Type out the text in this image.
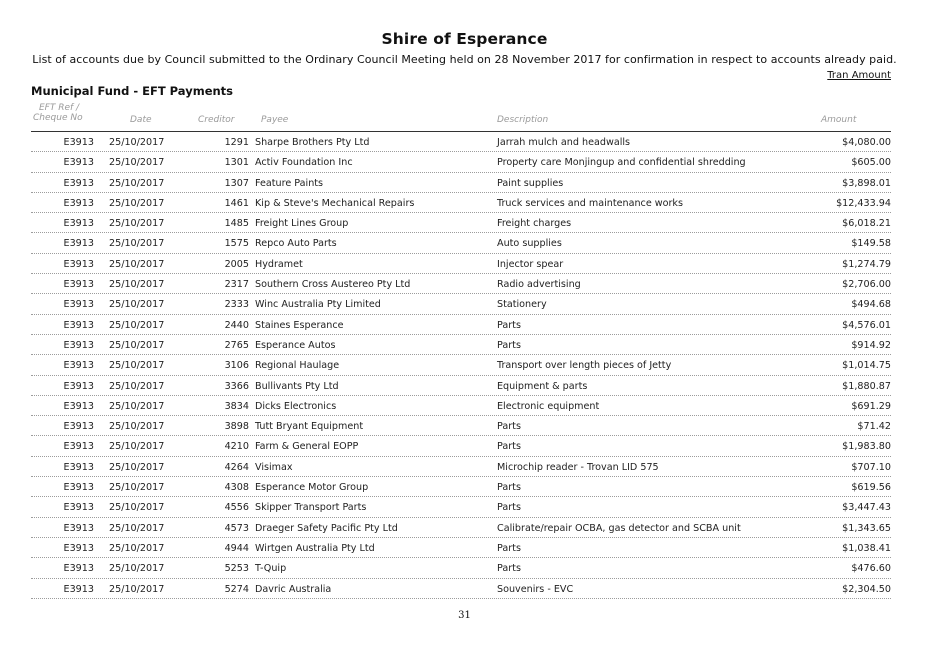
Shire of Esperance
List of accounts due by Council submitted to the Ordinary Council Meeting held on 28 November 2017 for confirmation in respect to accounts already paid.
Tran Amount
Municipal Fund - EFT Payments
EFT Ref /
Cheque No	Date	Creditor	Payee	Description	Amount
E3913 25/10/2017	1291 Sharpe Brothers Pty Ltd	Jarrah mulch and headwalls	$4,080.00
E3913 25/10/2017	1301 Activ Foundation Inc	Property care Monjingup and confidential shredding	$605.00
E3913 25/10/2017	1307 Feature Paints	Paint supplies	$3,898.01
E3913 25/10/2017	1461 Kip & Steve's Mechanical Repairs	Truck services and maintenance works	$12,433.94
E3913 25/10/2017	1485 Freight Lines Group	Freight charges	$6,018.21
E3913 25/10/2017	1575 Repco Auto Parts	Auto supplies	$149.58
E3913 25/10/2017	2005 Hydramet	Injector spear	$1,274.79
E3913 25/10/2017	2317 Southern Cross Austereo Pty Ltd	Radio advertising	$2,706.00
E3913 25/10/2017	2333 Winc Australia Pty Limited	Stationery	$494.68
E3913 25/10/2017	2440 Staines Esperance	Parts	$4,576.01
E3913 25/10/2017	2765 Esperance Autos	Parts	$914.92
E3913 25/10/2017	3106 Regional Haulage	Transport over length pieces of Jetty	$1,014.75
E3913 25/10/2017	3366 Bullivants Pty Ltd	Equipment & parts	$1,880.87
E3913 25/10/2017	3834 Dicks Electronics	Electronic equipment	$691.29
E3913 25/10/2017	3898 Tutt Bryant Equipment	Parts	$71.42
E3913 25/10/2017	4210 Farm & General EOPP	Parts	$1,983.80
E3913 25/10/2017	4264 Visimax	Microchip reader - Trovan LID 575	$707.10
E3913 25/10/2017	4308 Esperance Motor Group	Parts	$619.56
E3913 25/10/2017	4556 Skipper Transport Parts	Parts	$3,447.43
E3913 25/10/2017	4573 Draeger Safety Pacific Pty Ltd	Calibrate/repair OCBA, gas detector and SCBA unit	$1,343.65
E3913 25/10/2017	4944 Wirtgen Australia Pty Ltd	Parts	$1,038.41
E3913 25/10/2017	5253 T-Quip	Parts	$476.60
E3913 25/10/2017	5274 Davric Australia	Souvenirs - EVC	$2,304.50
31
